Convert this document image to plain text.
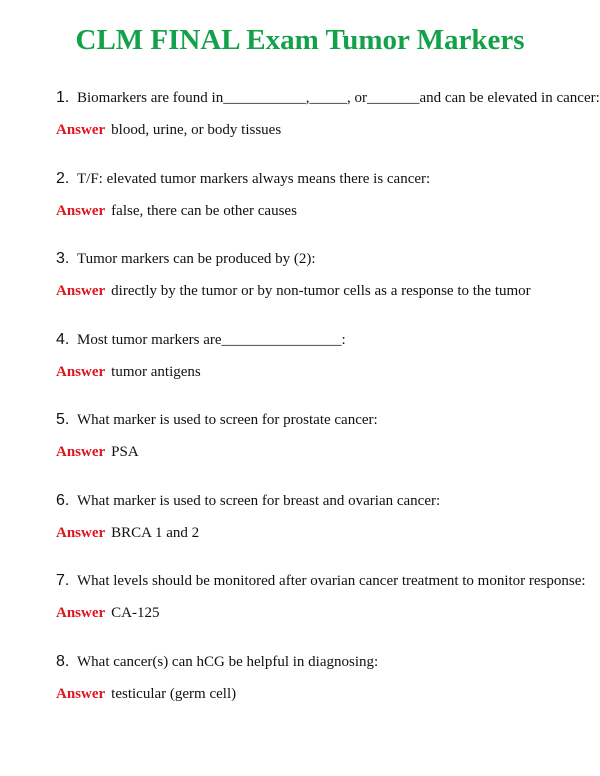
CLM FINAL Exam Tumor Markers
1. Biomarkers are found in___________,_____, or_______and can be elevated in cancer:
Answer blood, urine, or body tissues
2. T/F: elevated tumor markers always means there is cancer:
Answer false, there can be other causes
3. Tumor markers can be produced by (2):
Answer directly by the tumor or by non-tumor cells as a response to the tumor
4. Most tumor markers are________________:
Answer tumor antigens
5. What marker is used to screen for prostate cancer:
Answer PSA
6. What marker is used to screen for breast and ovarian cancer:
Answer BRCA 1 and 2
7. What levels should be monitored after ovarian cancer treatment to monitor response:
Answer CA-125
8. What cancer(s) can hCG be helpful in diagnosing:
Answer testicular (germ cell)
